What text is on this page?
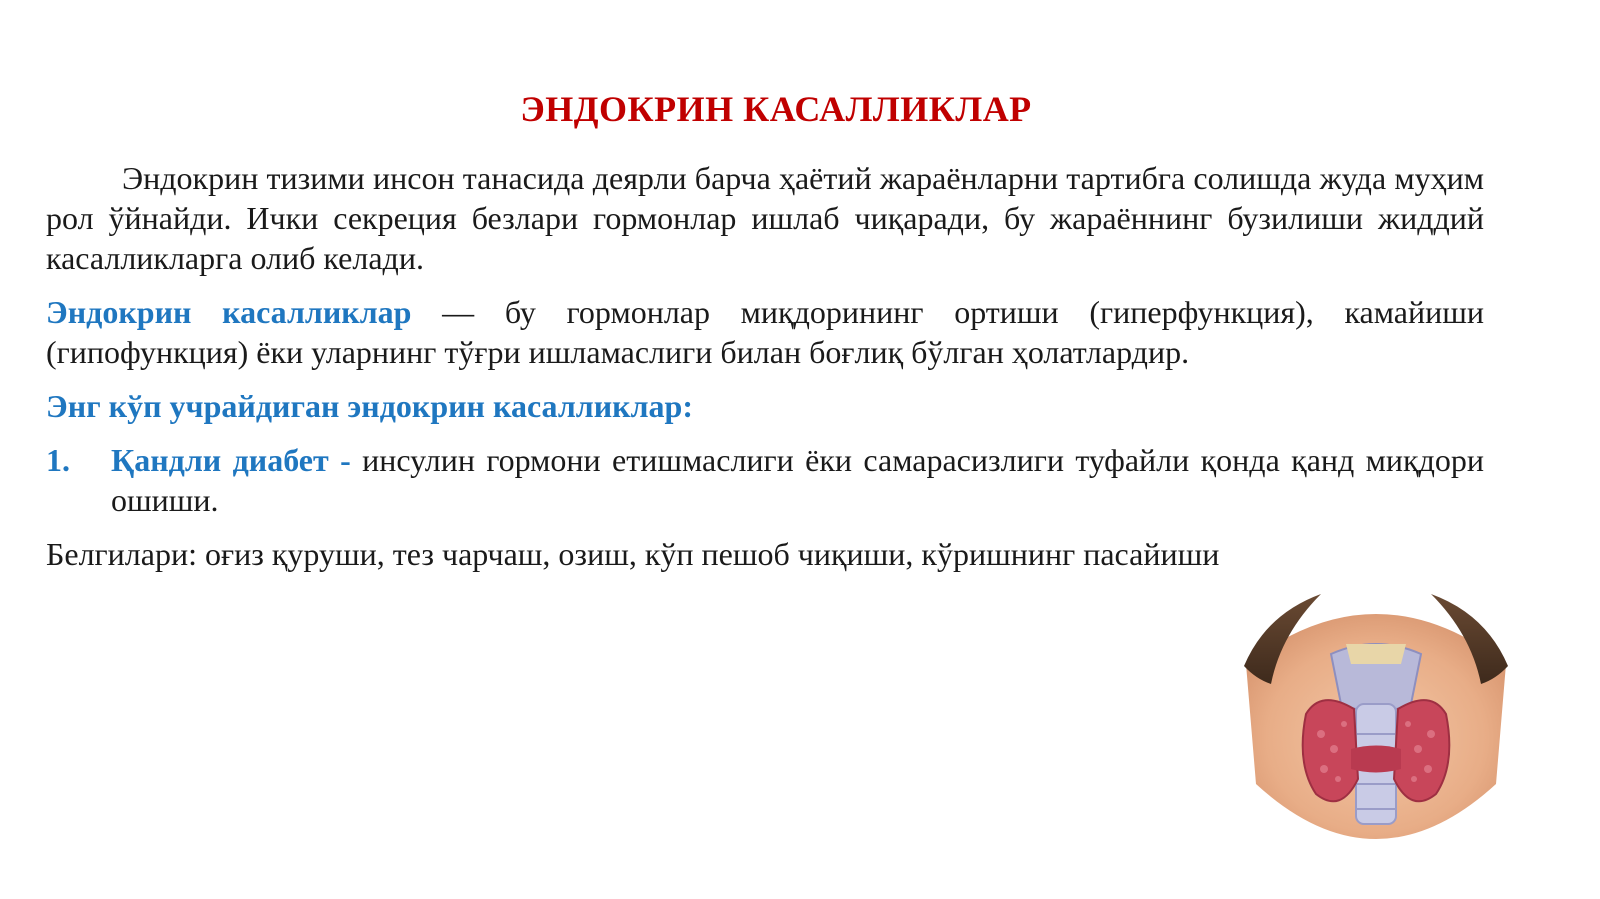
ЭНДОКРИН КАСАЛЛИКЛАР

Эндокрин тизими инсон танасида деярли барча ҳаётий жараёнларни тартибга солишда жуда муҳим рол ўйнайди. Ички секреция безлари гормонлар ишлаб чиқаради, бу жараённинг бузилиши жиддий касалликларга олиб келади.

Эндокрин касалликлар — бу гормонлар миқдорининг ортиши (гиперфункция), камайиши (гипофункция) ёки уларнинг тўғри ишламаслиги билан боғлиқ бўлган ҳолатлардир.

Энг кўп учрайдиган эндокрин касалликлар:

1.	Қандли диабет - инсулин гормони етишмаслиги ёки самарасизлиги туфайли қонда қанд миқдори ошиши.

Белгилари: оғиз қуруши, тез чарчаш, озиш, кўп пешоб чиқиши, кўришнинг пасайиши
